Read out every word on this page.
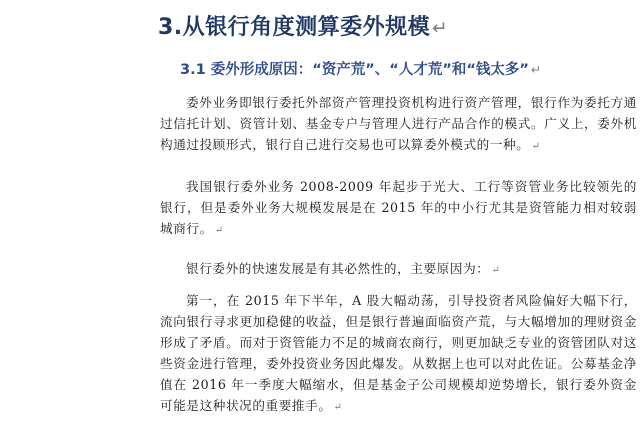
3.从银行角度测算委外规模 ↵
3.1 委外形成原因：“资产荒”、“人才荒”和“钱太多” ↵

委外业务即银行委托外部资产管理投资机构进行资产管理，银行作为委托方通过信托计划、资管计划、基金专户与管理人进行产品合作的模式。广义上，委外机构通过投顾形式，银行自己进行交易也可以算委外模式的一种。 ↵

我国银行委外业务 2008-2009 年起步于光大、工行等资管业务比较领先的银行，但是委外业务大规模发展是在 2015 年的中小行尤其是资管能力相对较弱城商行。 ↵

银行委外的快速发展是有其必然性的，主要原因为： ↵

第一，在 2015 年下半年，A 股大幅动荡，引导投资者风险偏好大幅下行，流向银行寻求更加稳健的收益，但是银行普遍面临资产荒，与大幅增加的理财资金形成了矛盾。而对于资管能力不足的城商农商行，则更加缺乏专业的资管团队对这些资金进行管理，委外投资业务因此爆发。从数据上也可以对此佐证。公募基金净值在 2016 年一季度大幅缩水，但是基金子公司规模却逆势增长，银行委外资金可能是这种状况的重要推手。 ↵
